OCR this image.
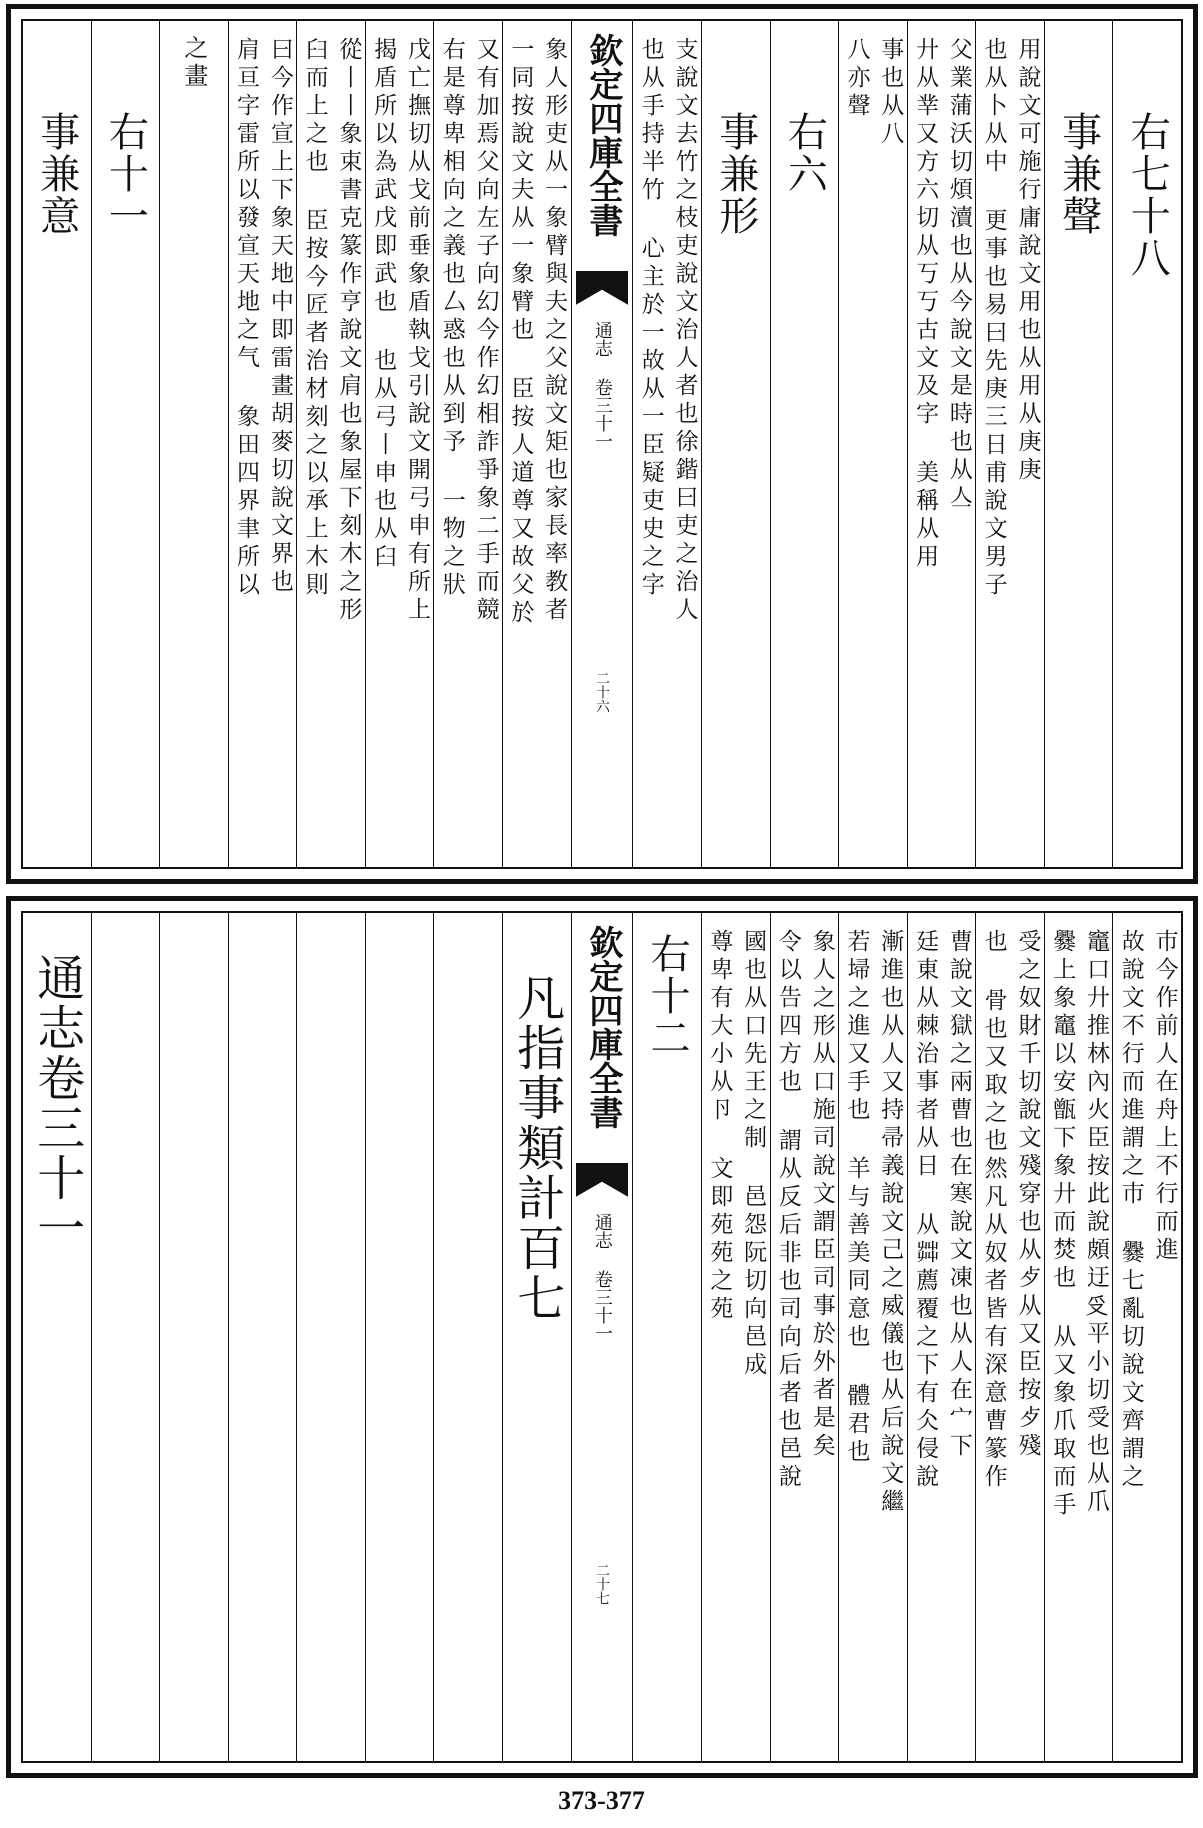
右七十八
事兼聲
用說文可施行庸說文用也从用从庚庚
也从卜从中 更事也易曰先庚三日甫說文男子
父業蒲沃切煩瀆也从今說文是時也从亼
廾从丵又方六切从丂丂古文及字 美稱从用
事也从八
八亦聲
右六
事兼形
支說文去竹之枝吏說文治人者也徐鍇曰吏之治人
也从手持半竹 心主於一故从一臣疑吏史之字
欽定四庫全書
通志 卷三十一
二十六
象人形吏从一象臂與夫之父說文矩也家長率教者
一同按說文夫从一象臂也 臣按人道尊又故父於
又有加焉父向左子向幻今作幻相詐爭象二手而競
右是尊卑相向之義也厶惑也从到予 一物之狀
戊亡撫切从戈前垂象盾執戈引說文開弓申有所上
揭盾所以為武戊即武也 也从弓丨申也从臼
從丨丨象束書克篆作亨說文肩也象屋下刻木之形
臼而上之也 臣按今匠者治材刻之以承上木則
曰今作宣上下象天地中即雷畫胡麥切說文界也
肩亘字雷所以發宣天地之气 象田四界聿所以
之畫
右十一
事兼意
巿今作前人在舟上不行而進
故說文不行而進謂之巿 爨七亂切說文齊謂之
竈口廾推林內火臣按此說頗迂𠬪平小切受也从爪
爨上象竈以安甑下象廾而焚也 从又象爪取而手
受之奴財千切說文殘穿也从歺从又臣按歺殘
也 骨也又取之也然凡从奴者皆有深意曹篆作
曹說文獄之兩曹也在寒說文凍也从人在宀下
廷東从棘治事者从日 从茻薦覆之下有仌侵說
漸進也从人又持帚義說文己之威儀也从后說文繼
若埽之進又手也 羊与善美同意也 體君也
象人之形从口施司說文謂臣司事於外者是矣
令以告四方也 謂从反后非也司向后者也邑說
國也从口先王之制 邑怨阮切向邑成
尊卑有大小从卪 文即苑苑之苑
右十二
欽定四庫全書
通志 卷三十一
二十七
凡指事類計百七
通志卷三十一
373-377
